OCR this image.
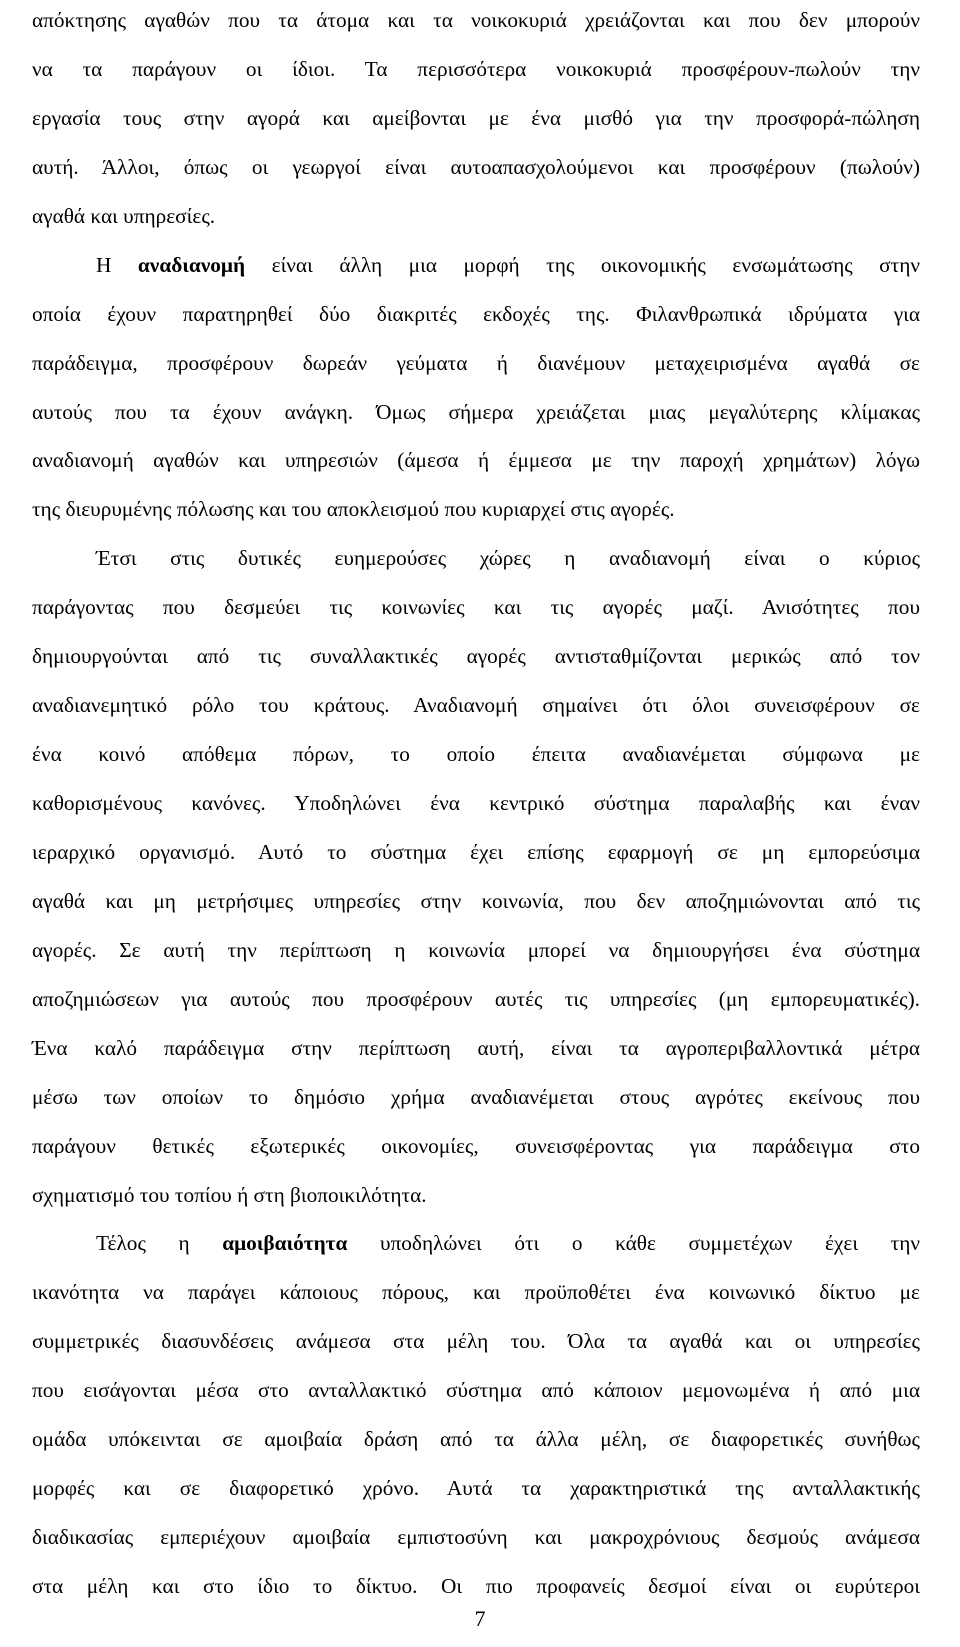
απόκτησης αγαθών που τα άτομα και τα νοικοκυριά χρειάζονται και που δεν μπορούν
να τα παράγουν οι ίδιοι. Τα περισσότερα νοικοκυριά προσφέρουν-πωλούν την
εργασία τους στην αγορά και αμείβονται με ένα μισθό για την προσφορά-πώληση
αυτή. Άλλοι, όπως οι γεωργοί είναι αυτοαπασχολούμενοι και προσφέρουν (πωλούν)
αγαθά και υπηρεσίες.
Η αναδιανομή είναι άλλη μια μορφή της οικονομικής ενσωμάτωσης στην
οποία έχουν παρατηρηθεί δύο διακριτές εκδοχές της. Φιλανθρωπικά ιδρύματα για
παράδειγμα, προσφέρουν δωρεάν γεύματα ή διανέμουν μεταχειρισμένα αγαθά σε
αυτούς που τα έχουν ανάγκη. Όμως σήμερα χρειάζεται μιας μεγαλύτερης κλίμακας
αναδιανομή αγαθών και υπηρεσιών (άμεσα ή έμμεσα με την παροχή χρημάτων) λόγω
της διευρυμένης πόλωσης και του αποκλεισμού που κυριαρχεί στις αγορές.
Έτσι στις δυτικές ευημερούσες χώρες η αναδιανομή είναι ο κύριος
παράγοντας που δεσμεύει τις κοινωνίες και τις αγορές μαζί. Ανισότητες που
δημιουργούνται από τις συναλλακτικές αγορές αντισταθμίζονται μερικώς από τον
αναδιανεμητικό ρόλο του κράτους. Αναδιανομή σημαίνει ότι όλοι συνεισφέρουν σε
ένα κοινό απόθεμα πόρων, το οποίο έπειτα αναδιανέμεται σύμφωνα με
καθορισμένους κανόνες. Υποδηλώνει ένα κεντρικό σύστημα παραλαβής και έναν
ιεραρχικό οργανισμό. Αυτό το σύστημα έχει επίσης εφαρμογή σε μη εμπορεύσιμα
αγαθά και μη μετρήσιμες υπηρεσίες στην κοινωνία, που δεν αποζημιώνονται από τις
αγορές. Σε αυτή την περίπτωση η κοινωνία μπορεί να δημιουργήσει ένα σύστημα
αποζημιώσεων για αυτούς που προσφέρουν αυτές τις υπηρεσίες (μη εμπορευματικές).
Ένα καλό παράδειγμα στην περίπτωση αυτή, είναι τα αγροπεριβαλλοντικά μέτρα
μέσω των οποίων το δημόσιο χρήμα αναδιανέμεται στους αγρότες εκείνους που
παράγουν θετικές εξωτερικές οικονομίες, συνεισφέροντας για παράδειγμα στο
σχηματισμό του τοπίου ή στη βιοποικιλότητα.
Τέλος η αμοιβαιότητα υποδηλώνει ότι ο κάθε συμμετέχων έχει την
ικανότητα να παράγει κάποιους πόρους, και προϋποθέτει ένα κοινωνικό δίκτυο με
συμμετρικές διασυνδέσεις ανάμεσα στα μέλη του. Όλα τα αγαθά και οι υπηρεσίες
που εισάγονται μέσα στο ανταλλακτικό σύστημα από κάποιον μεμονωμένα ή από μια
ομάδα υπόκεινται σε αμοιβαία δράση από τα άλλα μέλη, σε διαφορετικές συνήθως
μορφές και σε διαφορετικό χρόνο. Αυτά τα χαρακτηριστικά της ανταλλακτικής
διαδικασίας εμπεριέχουν αμοιβαία εμπιστοσύνη και μακροχρόνιους δεσμούς ανάμεσα
στα μέλη και στο ίδιο το δίκτυο. Οι πιο προφανείς δεσμοί είναι οι ευρύτεροι
7
